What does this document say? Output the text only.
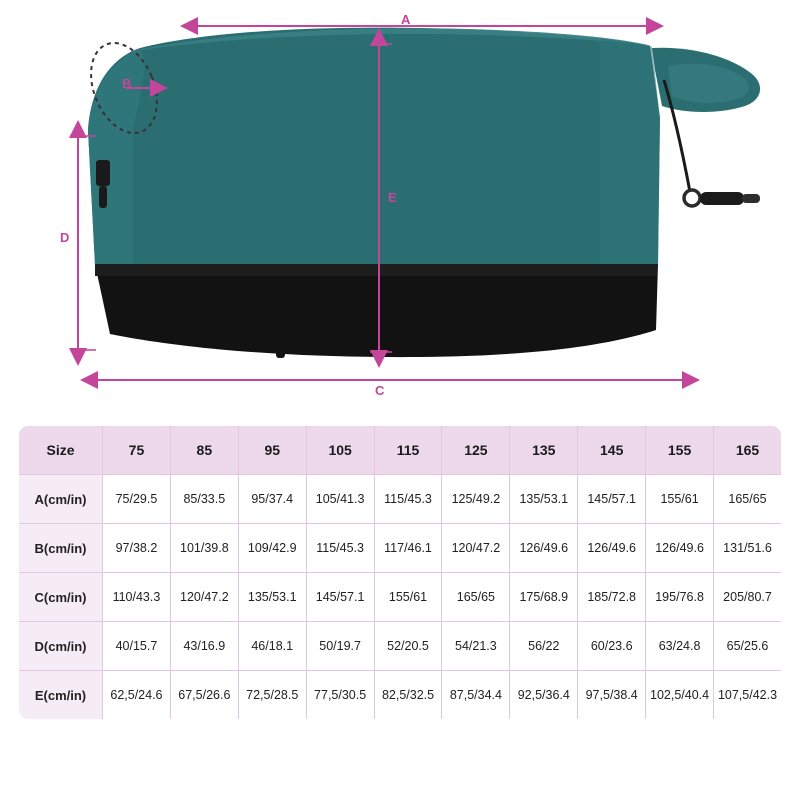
A
B
C
D
E
Size	75	85	95	105	115	125	135	145	155	165
A(cm/in)	75/29.5	85/33.5	95/37.4	105/41.3	115/45.3	125/49.2	135/53.1	145/57.1	155/61	165/65
B(cm/in)	97/38.2	101/39.8	109/42.9	115/45.3	117/46.1	120/47.2	126/49.6	126/49.6	126/49.6	131/51.6
C(cm/in)	110/43.3	120/47.2	135/53.1	145/57.1	155/61	165/65	175/68.9	185/72.8	195/76.8	205/80.7
D(cm/in)	40/15.7	43/16.9	46/18.1	50/19.7	52/20.5	54/21.3	56/22	60/23.6	63/24.8	65/25.6
E(cm/in)	62,5/24.6	67,5/26.6	72,5/28.5	77,5/30.5	82,5/32.5	87,5/34.4	92,5/36.4	97,5/38.4	102,5/40.4	107,5/42.3
